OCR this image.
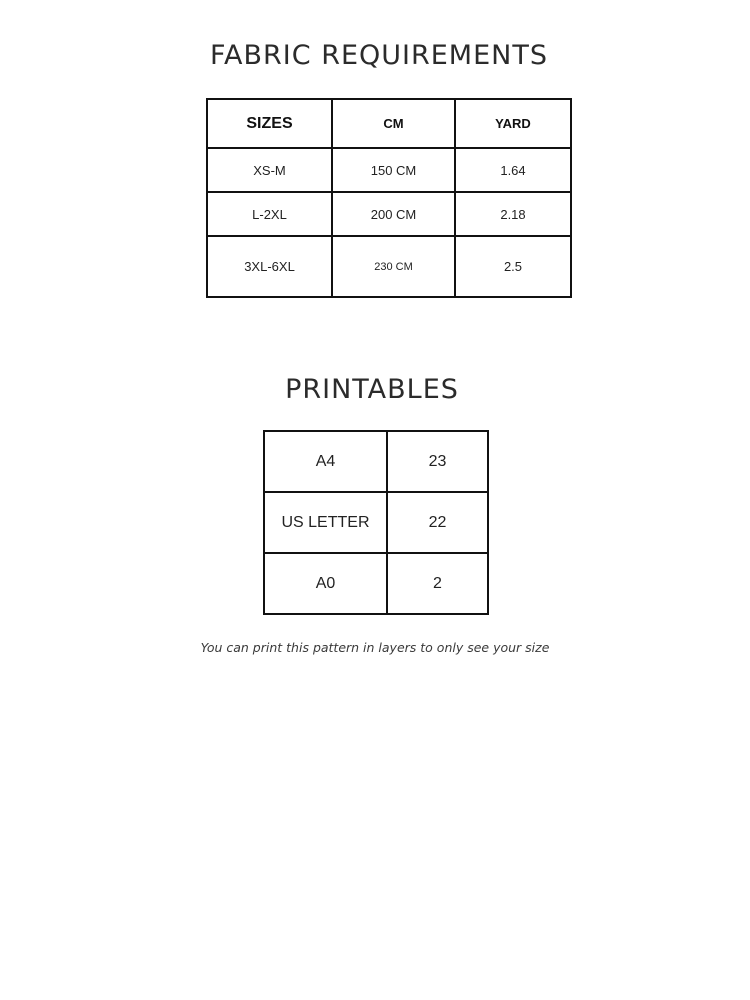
FABRIC REQUIREMENTS
SIZES	CM	YARD
XS-M	150 CM	1.64
L-2XL	200 CM	2.18
3XL-6XL	230 CM	2.5
PRINTABLES
A4	23
US LETTER	22
A0	2

You can print this pattern in layers to only see your size
